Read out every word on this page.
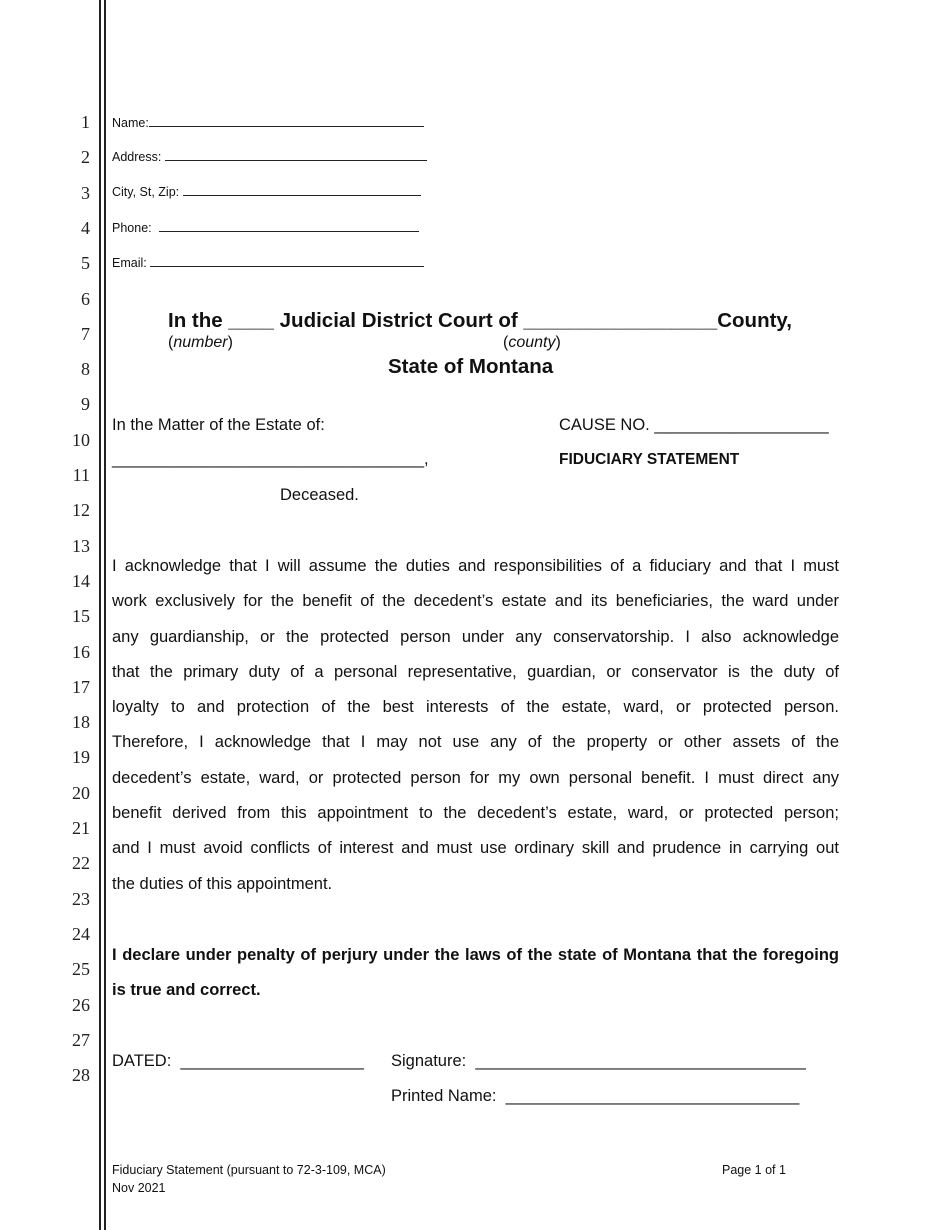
1
2
3
4
5
6
7
8
9
10
11
12
13
14
15
16
17
18
19
20
21
22
23
24
25
26
27
28
Name:
Address:
City, St, Zip:
Phone:
Email:
In the ____ Judicial District Court of _________________County,
(number)	(county)
State of Montana
In the Matter of the Estate of:
__________________________________,
Deceased.
CAUSE NO. ___________________
FIDUCIARY STATEMENT
I acknowledge that I will assume the duties and responsibilities of a fiduciary and that I must
work exclusively for the benefit of the decedent’s estate and its beneficiaries, the ward under
any guardianship, or the protected person under any conservatorship. I also acknowledge
that the primary duty of a personal representative, guardian, or conservator is the duty of
loyalty to and protection of the best interests of the estate, ward, or protected person.
Therefore, I acknowledge that I may not use any of the property or other assets of the
decedent’s estate, ward, or protected person for my own personal benefit. I must direct any
benefit derived from this appointment to the decedent’s estate, ward, or protected person;
and I must avoid conflicts of interest and must use ordinary skill and prudence in carrying out
the duties of this appointment.
I declare under penalty of perjury under the laws of the state of Montana that the foregoing
is true and correct.
DATED:  ____________________ Signature:  ____________________________________
Printed Name:  ________________________________
Fiduciary Statement (pursuant to 72-3-109, MCA)
Nov 2021
Page 1 of 1
